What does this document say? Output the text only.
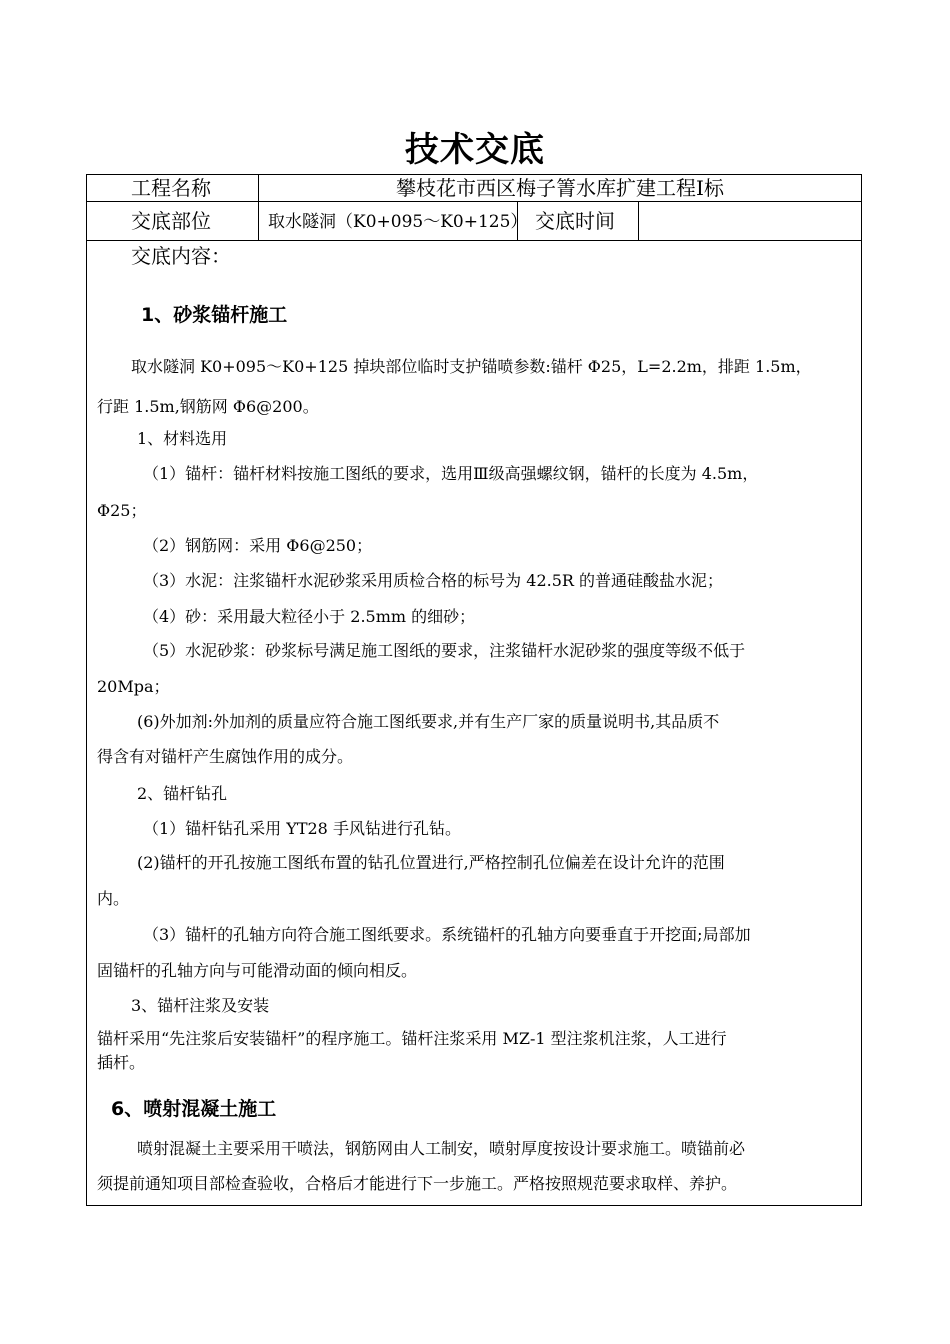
技术交底
工程名称	攀枝花市西区梅子箐水库扩建工程Ⅰ标
交底部位	取水隧洞（K0+095～K0+125） 交底时间
交底内容：
1、砂浆锚杆施工
取水隧洞 K0+095～K0+125 掉块部位临时支护锚喷参数:锚杆 Φ25，L=2.2m，排距 1.5m，
行距 1.5m,钢筋网 Φ6@200。
1、材料选用
（1）锚杆：锚杆材料按施工图纸的要求，选用Ⅲ级高强螺纹钢，锚杆的长度为 4.5m，
Φ25；
（2）钢筋网：采用 Φ6@250；
（3）水泥：注浆锚杆水泥砂浆采用质检合格的标号为 42.5R 的普通硅酸盐水泥；
（4）砂：采用最大粒径小于 2.5mm 的细砂；
（5）水泥砂浆：砂浆标号满足施工图纸的要求，注浆锚杆水泥砂浆的强度等级不低于
20Mpa；
(6)外加剂:外加剂的质量应符合施工图纸要求,并有生产厂家的质量说明书,其品质不
得含有对锚杆产生腐蚀作用的成分。
2、锚杆钻孔
（1）锚杆钻孔采用 YT28 手风钻进行孔钻。
(2)锚杆的开孔按施工图纸布置的钻孔位置进行,严格控制孔位偏差在设计允许的范围
内。
（3）锚杆的孔轴方向符合施工图纸要求。系统锚杆的孔轴方向要垂直于开挖面;局部加
固锚杆的孔轴方向与可能滑动面的倾向相反。
3、锚杆注浆及安装
锚杆采用“先注浆后安装锚杆”的程序施工。锚杆注浆采用 MZ-1 型注浆机注浆，人工进行
插杆。
6、喷射混凝土施工
喷射混凝土主要采用干喷法，钢筋网由人工制安，喷射厚度按设计要求施工。喷锚前必
须提前通知项目部检查验收，合格后才能进行下一步施工。严格按照规范要求取样、养护。
